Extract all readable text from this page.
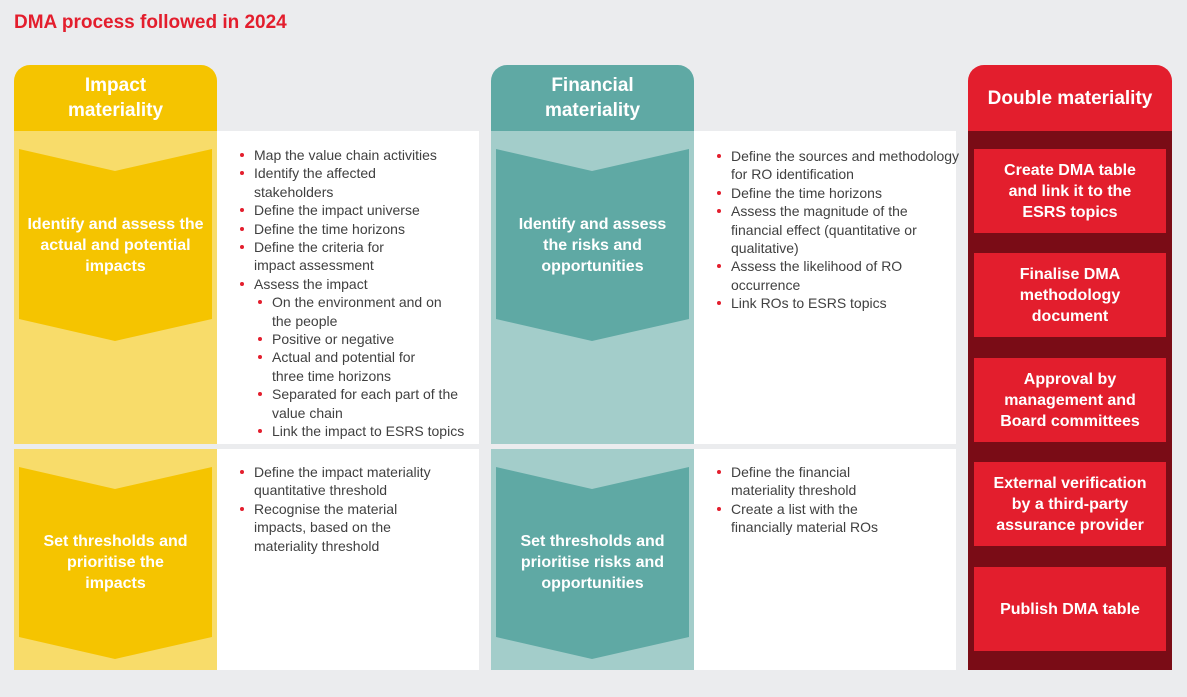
DMA process followed in 2024
Impact materiality
Identify and assess the actual and potential impacts
Set thresholds and prioritise the impacts
Map the value chain activities
Identify the affected stakeholders
Define the impact universe
Define the time horizons
Define the criteria for impact assessment
Assess the impact
On the environment and on the people
Positive or negative
Actual and potential for three time horizons
Separated for each part of the value chain
Link the impact to ESRS topics
Define the impact materiality quantitative threshold
Recognise the material impacts, based on the materiality threshold
Financial materiality
Identify and assess the risks and opportunities
Set thresholds and prioritise risks and opportunities
Define the sources and methodology for RO identification
Define the time horizons
Assess the magnitude of the financial effect (quantitative or qualitative)
Assess the likelihood of RO occurrence
Link ROs to ESRS topics
Define the financial materiality threshold
Create a list with the financially material ROs
Double materiality
Create DMA table and link it to the ESRS topics
Finalise DMA methodology document
Approval by management and Board committees
External verification by a third-party assurance provider
Publish DMA table
